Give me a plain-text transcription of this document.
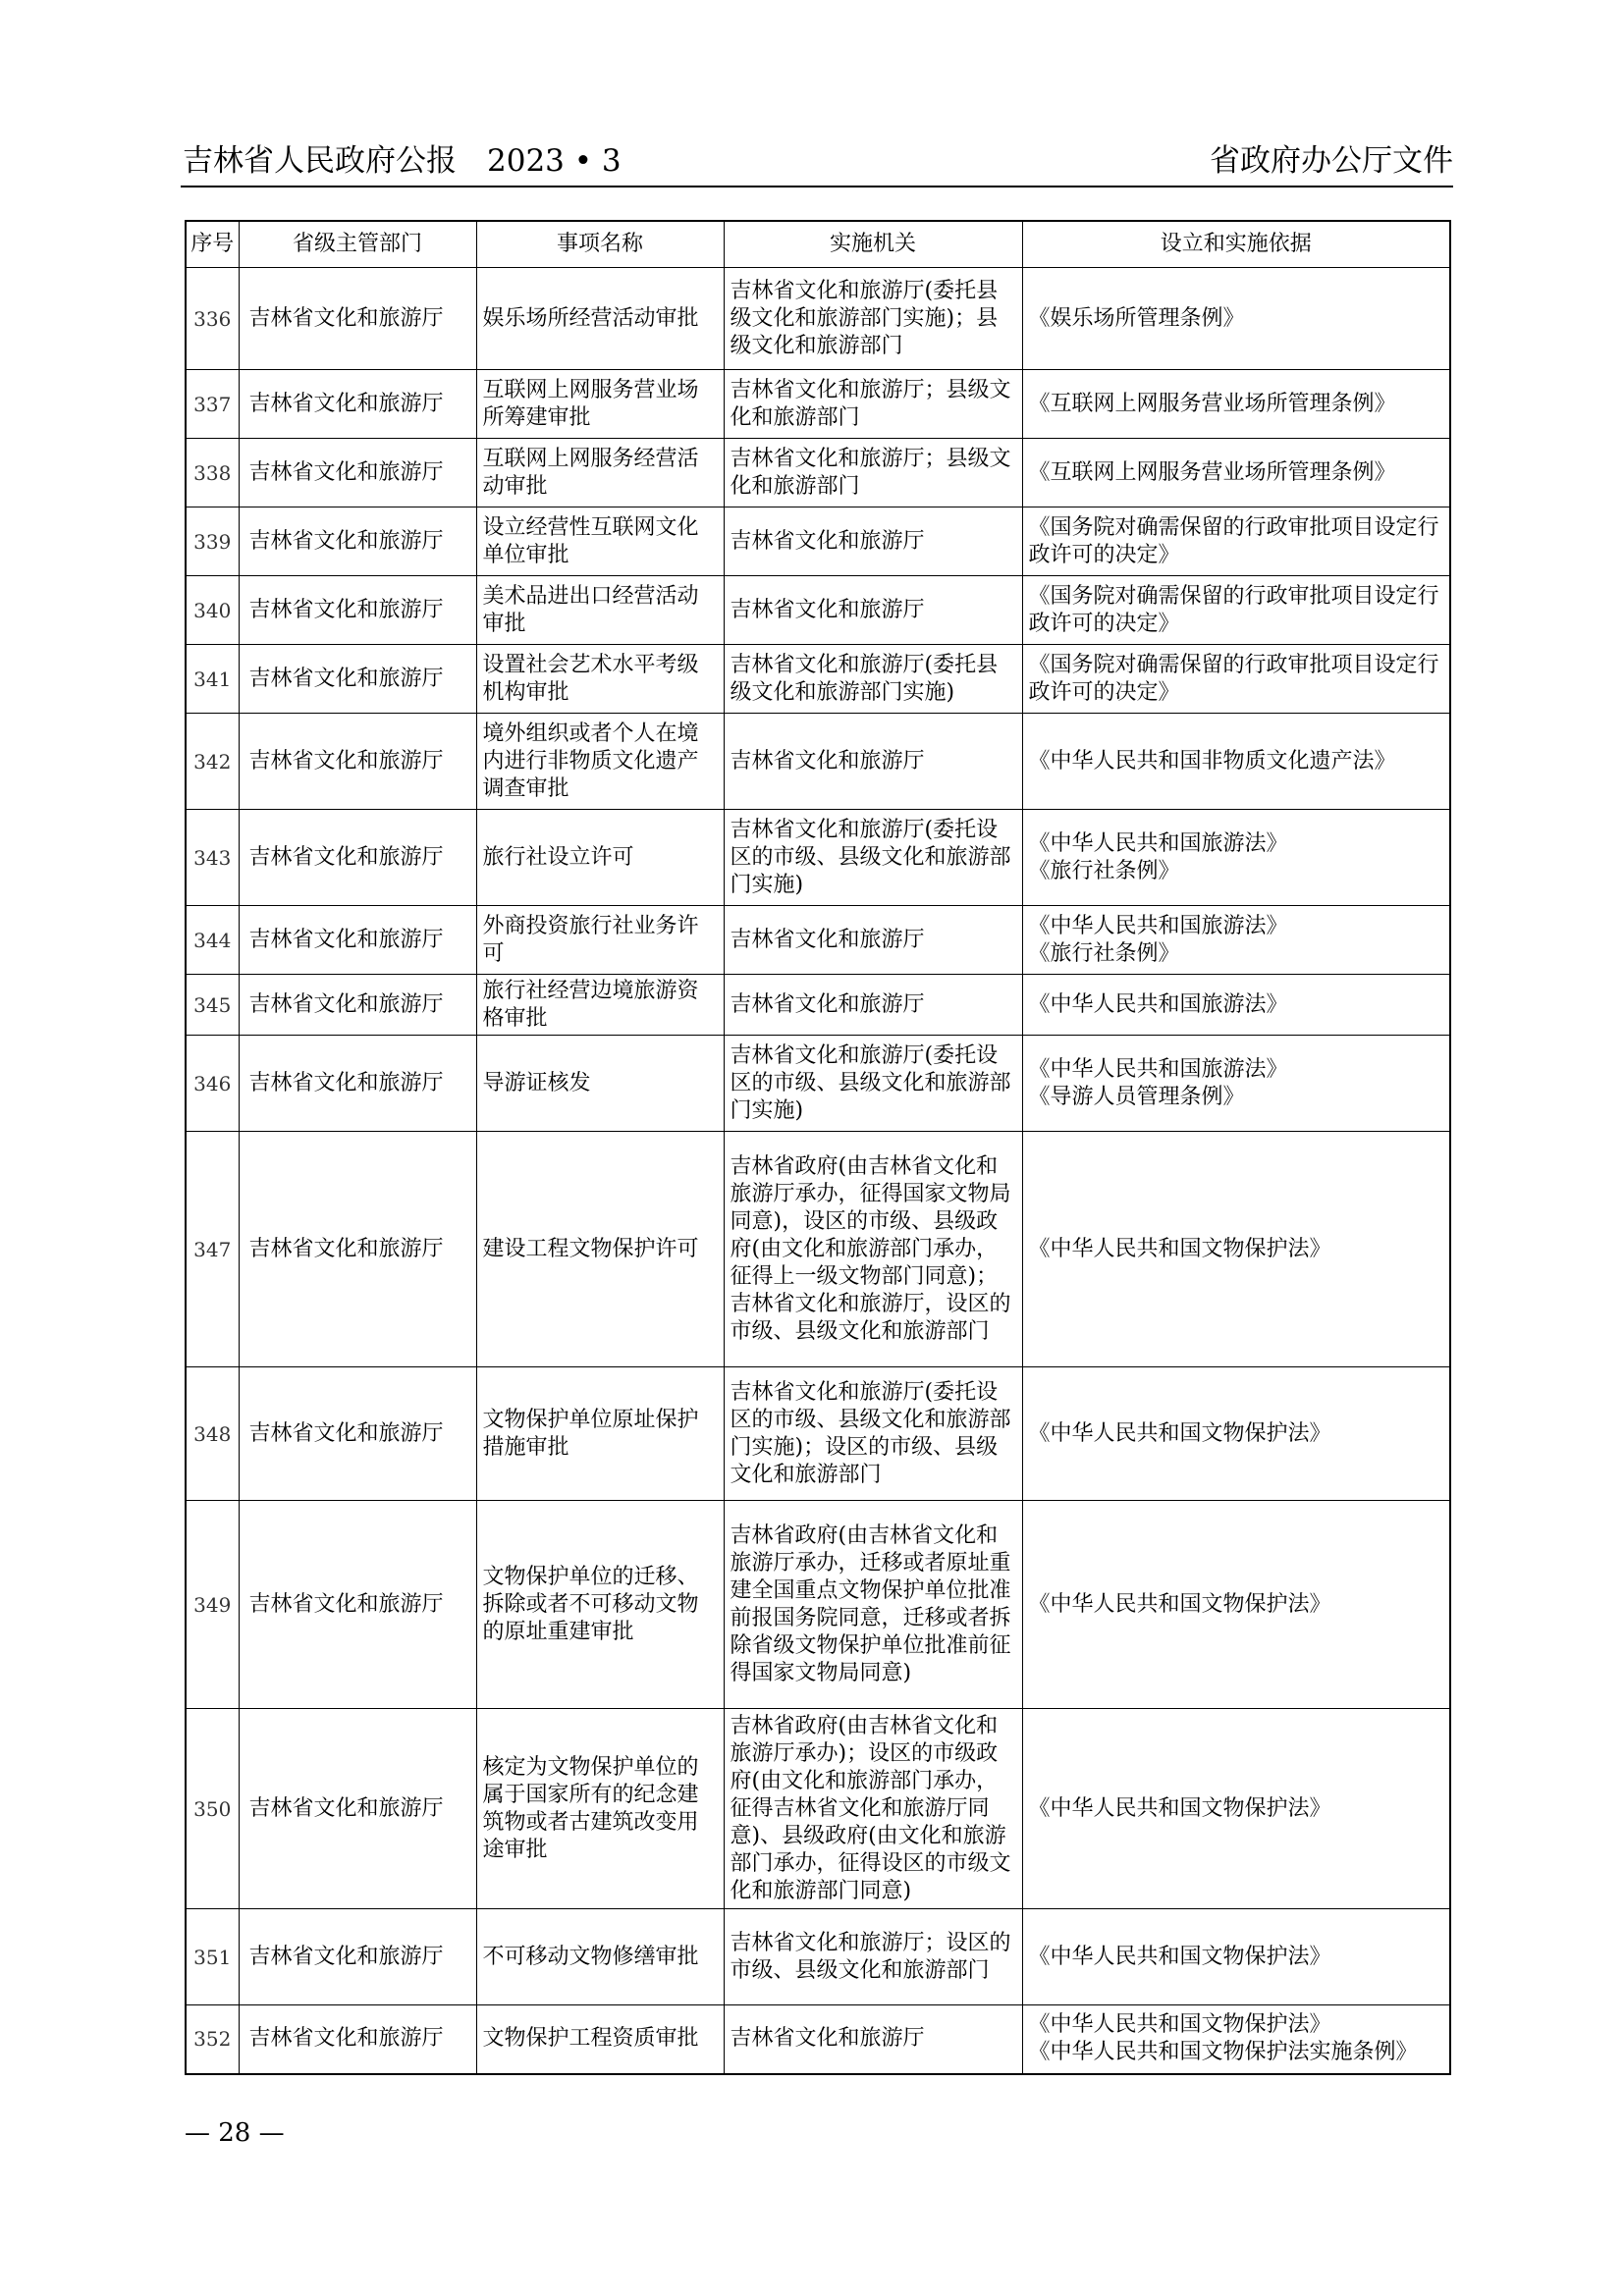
吉林省人民政府公报　2023 • 3	省政府办公厅文件
序号	省级主管部门	事项名称	实施机关	设立和实施依据
336	吉林省文化和旅游厅	娱乐场所经营活动审批	吉林省文化和旅游厅(委托县级文化和旅游部门实施)；县级文化和旅游部门	《娱乐场所管理条例》
337	吉林省文化和旅游厅	互联网上网服务营业场所筹建审批	吉林省文化和旅游厅；县级文化和旅游部门	《互联网上网服务营业场所管理条例》
338	吉林省文化和旅游厅	互联网上网服务经营活动审批	吉林省文化和旅游厅；县级文化和旅游部门	《互联网上网服务营业场所管理条例》
339	吉林省文化和旅游厅	设立经营性互联网文化单位审批	吉林省文化和旅游厅	《国务院对确需保留的行政审批项目设定行政许可的决定》
340	吉林省文化和旅游厅	美术品进出口经营活动审批	吉林省文化和旅游厅	《国务院对确需保留的行政审批项目设定行政许可的决定》
341	吉林省文化和旅游厅	设置社会艺术水平考级机构审批	吉林省文化和旅游厅(委托县级文化和旅游部门实施)	《国务院对确需保留的行政审批项目设定行政许可的决定》
342	吉林省文化和旅游厅	境外组织或者个人在境内进行非物质文化遗产调查审批	吉林省文化和旅游厅	《中华人民共和国非物质文化遗产法》
343	吉林省文化和旅游厅	旅行社设立许可	吉林省文化和旅游厅(委托设区的市级、县级文化和旅游部门实施)	《中华人民共和国旅游法》
《旅行社条例》
344	吉林省文化和旅游厅	外商投资旅行社业务许可	吉林省文化和旅游厅	《中华人民共和国旅游法》
《旅行社条例》
345	吉林省文化和旅游厅	旅行社经营边境旅游资格审批	吉林省文化和旅游厅	《中华人民共和国旅游法》
346	吉林省文化和旅游厅	导游证核发	吉林省文化和旅游厅(委托设区的市级、县级文化和旅游部门实施)	《中华人民共和国旅游法》
《导游人员管理条例》
347	吉林省文化和旅游厅	建设工程文物保护许可	吉林省政府(由吉林省文化和旅游厅承办，征得国家文物局同意)，设区的市级、县级政府(由文化和旅游部门承办，征得上一级文物部门同意)；吉林省文化和旅游厅，设区的市级、县级文化和旅游部门	《中华人民共和国文物保护法》
348	吉林省文化和旅游厅	文物保护单位原址保护措施审批	吉林省文化和旅游厅(委托设区的市级、县级文化和旅游部门实施)；设区的市级、县级文化和旅游部门	《中华人民共和国文物保护法》
349	吉林省文化和旅游厅	文物保护单位的迁移、拆除或者不可移动文物的原址重建审批	吉林省政府(由吉林省文化和旅游厅承办，迁移或者原址重建全国重点文物保护单位批准前报国务院同意，迁移或者拆除省级文物保护单位批准前征得国家文物局同意)	《中华人民共和国文物保护法》
350	吉林省文化和旅游厅	核定为文物保护单位的属于国家所有的纪念建筑物或者古建筑改变用途审批	吉林省政府(由吉林省文化和旅游厅承办)；设区的市级政府(由文化和旅游部门承办，征得吉林省文化和旅游厅同意)、县级政府(由文化和旅游部门承办，征得设区的市级文化和旅游部门同意)	《中华人民共和国文物保护法》
351	吉林省文化和旅游厅	不可移动文物修缮审批	吉林省文化和旅游厅；设区的市级、县级文化和旅游部门	《中华人民共和国文物保护法》
352	吉林省文化和旅游厅	文物保护工程资质审批	吉林省文化和旅游厅	《中华人民共和国文物保护法》
《中华人民共和国文物保护法实施条例》
— 28 —
